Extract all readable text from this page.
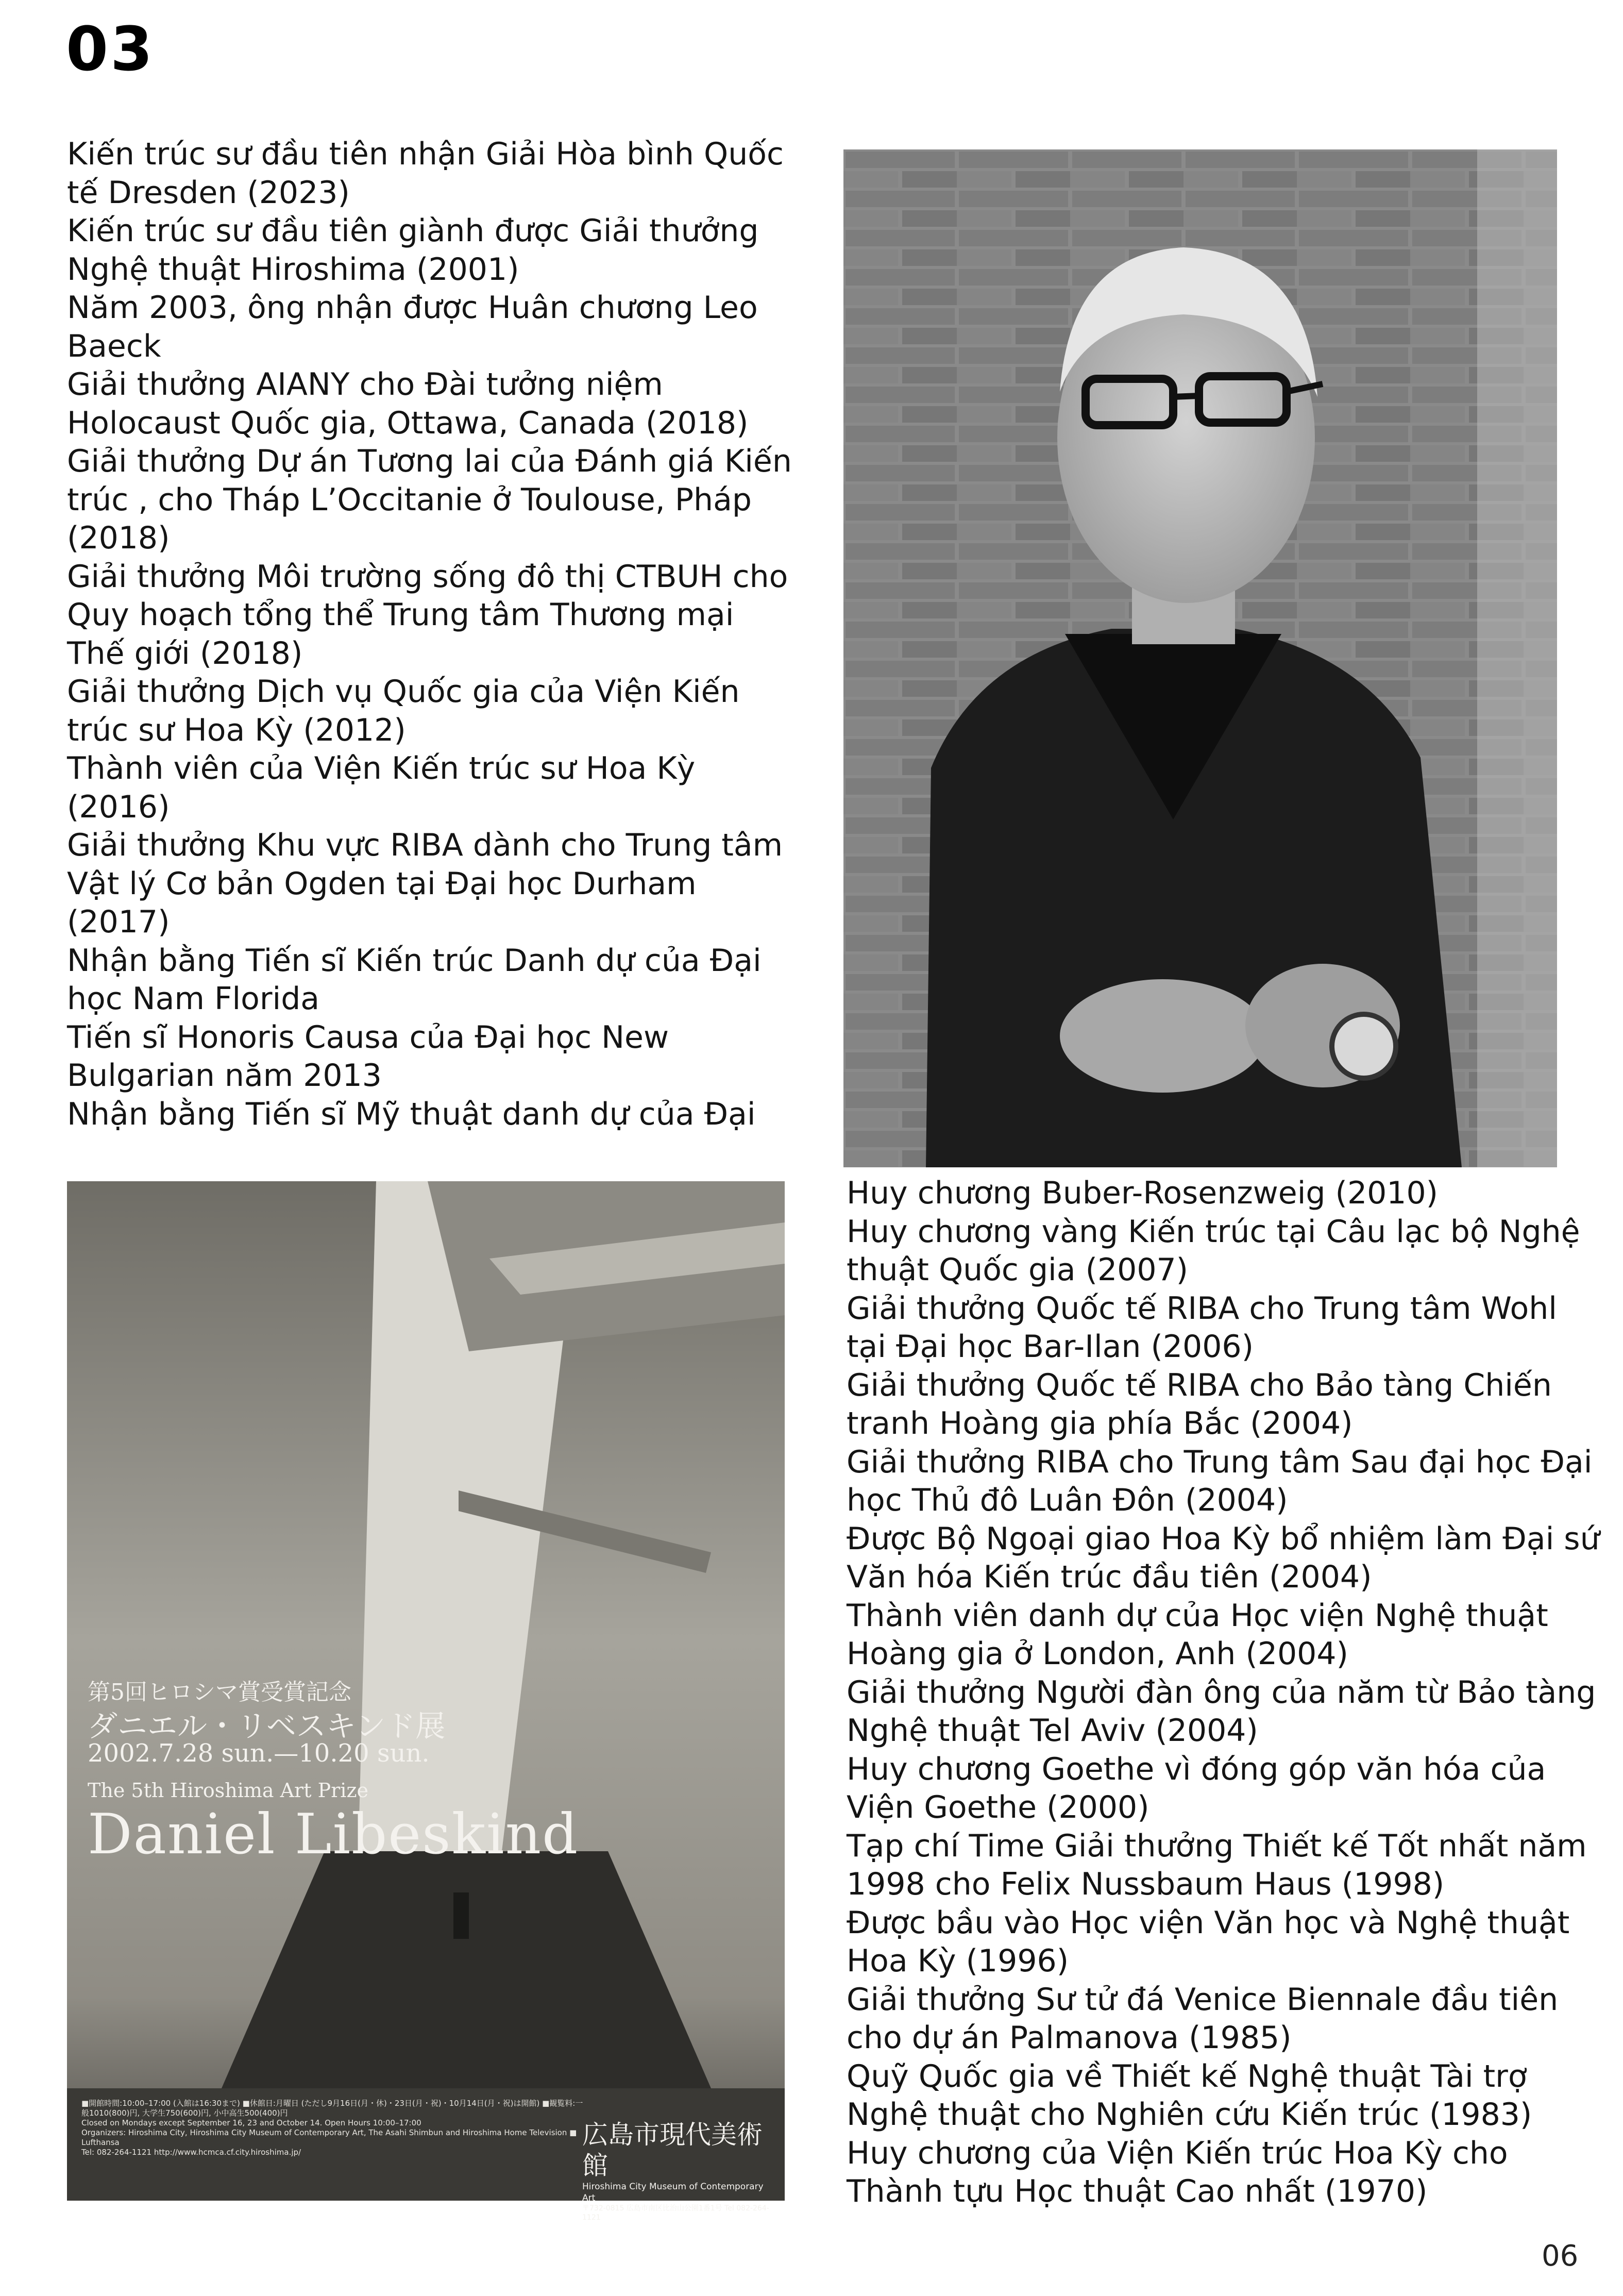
03
Kiến trúc sư đầu tiên nhận Giải Hòa bình Quốc tế Dresden (2023)
Kiến trúc sư đầu tiên giành được Giải thưởng Nghệ thuật Hiroshima (2001)
Năm 2003, ông nhận được Huân chương Leo Baeck
Giải thưởng AIANY cho Đài tưởng niệm Holocaust Quốc gia, Ottawa, Canada (2018)
Giải thưởng Dự án Tương lai của Đánh giá Kiến trúc , cho Tháp L’Occitanie ở Toulouse, Pháp (2018)
Giải thưởng Môi trường sống đô thị CTBUH cho Quy hoạch tổng thể Trung tâm Thương mại Thế giới (2018)
Giải thưởng Dịch vụ Quốc gia của Viện Kiến trúc sư Hoa Kỳ (2012)
Thành viên của Viện Kiến trúc sư Hoa Kỳ (2016)
Giải thưởng Khu vực RIBA dành cho Trung tâm Vật lý Cơ bản Ogden tại Đại học Durham (2017)
Nhận bằng Tiến sĩ Kiến trúc Danh dự của Đại học Nam Florida
Tiến sĩ Honoris Causa của Đại học New Bulgarian năm 2013
Nhận bằng Tiến sĩ Mỹ thuật danh dự của Đại
第5回ヒロシマ賞受賞記念
ダニエル・リベスキンド展
2002.7.28 sun.—10.20 sun.
The 5th Hiroshima Art Prize
Daniel Libeskind
■開館時間:10:00–17:00 (入館は16:30まで) ■休館日:月曜日 (ただし9月16日(月・休)・23日(月・祝)・10月14日(月・祝)は開館) ■観覧料:一般1010(800)円, 大学生750(600)円, 小中高生500(400)円
Closed on Mondays except September 16, 23 and October 14. Open Hours 10:00–17:00
Organizers: Hiroshima City, Hiroshima City Museum of Contemporary Art, The Asahi Shimbun and Hiroshima Home Television ■ Lufthansa
Tel: 082-264-1121 http://www.hcmca.cf.city.hiroshima.jp/
広島市現代美術館
Hiroshima City Museum of Contemporary Art
〒732-0815 広島市南区比治山公園1番1号 Tel 082-264-1121
Huy chương Buber-Rosenzweig (2010)
Huy chương vàng Kiến trúc tại Câu lạc bộ Nghệ thuật Quốc gia (2007)
Giải thưởng Quốc tế RIBA cho Trung tâm Wohl tại Đại học Bar-Ilan (2006)
Giải thưởng Quốc tế RIBA cho Bảo tàng Chiến tranh Hoàng gia phía Bắc (2004)
Giải thưởng RIBA cho Trung tâm Sau đại học Đại học Thủ đô Luân Đôn (2004)
Được Bộ Ngoại giao Hoa Kỳ bổ nhiệm làm Đại sứ Văn hóa Kiến trúc đầu tiên (2004)
Thành viên danh dự của Học viện Nghệ thuật Hoàng gia ở London, Anh (2004)
Giải thưởng Người đàn ông của năm từ Bảo tàng Nghệ thuật Tel Aviv (2004)
Huy chương Goethe vì đóng góp văn hóa của Viện Goethe (2000)
Tạp chí Time Giải thưởng Thiết kế Tốt nhất năm 1998 cho Felix Nussbaum Haus (1998)
Được bầu vào Học viện Văn học và Nghệ thuật Hoa Kỳ (1996)
Giải thưởng Sư tử đá Venice Biennale đầu tiên cho dự án Palmanova (1985)
Quỹ Quốc gia về Thiết kế Nghệ thuật Tài trợ Nghệ thuật cho Nghiên cứu Kiến trúc (1983)
Huy chương của Viện Kiến trúc Hoa Kỳ cho Thành tựu Học thuật Cao nhất (1970)
06
